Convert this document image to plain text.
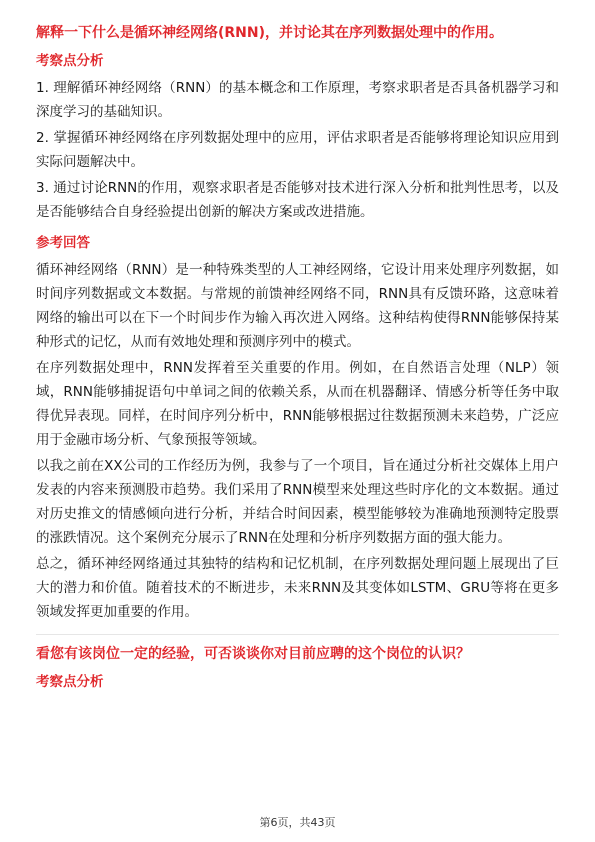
解释一下什么是循环神经网络(RNN)，并讨论其在序列数据处理中的作用。
考察点分析
1. 理解循环神经网络（RNN）的基本概念和工作原理，考察求职者是否具备机器学习和深度学习的基础知识。
2. 掌握循环神经网络在序列数据处理中的应用，评估求职者是否能够将理论知识应用到实际问题解决中。
3. 通过讨论RNN的作用，观察求职者是否能够对技术进行深入分析和批判性思考，以及是否能够结合自身经验提出创新的解决方案或改进措施。
参考回答
循环神经网络（RNN）是一种特殊类型的人工神经网络，它设计用来处理序列数据，如时间序列数据或文本数据。与常规的前馈神经网络不同，RNN具有反馈环路，这意味着网络的输出可以在下一个时间步作为输入再次进入网络。这种结构使得RNN能够保持某种形式的记忆，从而有效地处理和预测序列中的模式。
在序列数据处理中，RNN发挥着至关重要的作用。例如，在自然语言处理（NLP）领域，RNN能够捕捉语句中单词之间的依赖关系，从而在机器翻译、情感分析等任务中取得优异表现。同样，在时间序列分析中，RNN能够根据过往数据预测未来趋势，广泛应用于金融市场分析、气象预报等领域。
以我之前在XX公司的工作经历为例，我参与了一个项目，旨在通过分析社交媒体上用户发表的内容来预测股市趋势。我们采用了RNN模型来处理这些时序化的文本数据。通过对历史推文的情感倾向进行分析，并结合时间因素，模型能够较为准确地预测特定股票的涨跌情况。这个案例充分展示了RNN在处理和分析序列数据方面的强大能力。
总之，循环神经网络通过其独特的结构和记忆机制，在序列数据处理问题上展现出了巨大的潜力和价值。随着技术的不断进步，未来RNN及其变体如LSTM、GRU等将在更多领域发挥更加重要的作用。
看您有该岗位一定的经验，可否谈谈你对目前应聘的这个岗位的认识？
考察点分析
第6页，共43页
